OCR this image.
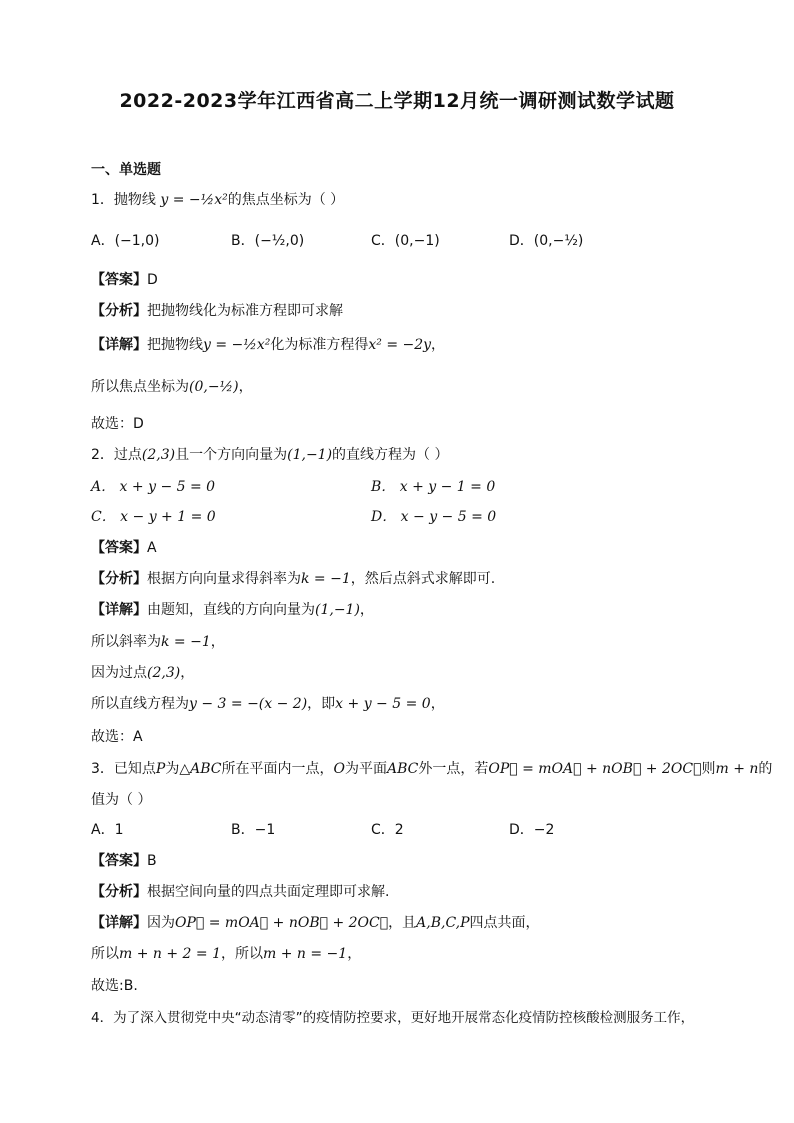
2022-2023学年江西省高二上学期12月统一调研测试数学试题
一、单选题
1．抛物线 y = −½x²的焦点坐标为（ ）
A．(−1,0)	B．(−½,0)	C．(0,−1)	D．(0,−½)
【答案】D
【分析】把抛物线化为标准方程即可求解
【详解】把抛物线y = −½x²化为标准方程得x² = −2y，
所以焦点坐标为(0,−½)，
故选：D
2．过点(2,3)且一个方向向量为(1,−1)的直线方程为（ ）
A． x + y − 5 = 0	B． x + y − 1 = 0
C． x − y + 1 = 0	D． x − y − 5 = 0
【答案】A
【分析】根据方向向量求得斜率为k = −1，然后点斜式求解即可.
【详解】由题知，直线的方向向量为(1,−1)，
所以斜率为k = −1，
因为过点(2,3)，
所以直线方程为y − 3 = −(x − 2)，即x + y − 5 = 0，
故选：A
3．已知点P为△ABC所在平面内一点，O为平面ABC外一点，若OP⃗ = mOA⃗ + nOB⃗ + 2OC⃗则m + n的
值为（ ）
A．1	B．−1	C．2	D．−2
【答案】B
【分析】根据空间向量的四点共面定理即可求解.
【详解】因为OP⃗ = mOA⃗ + nOB⃗ + 2OC⃗，且A,B,C,P四点共面，
所以m + n + 2 = 1，所以m + n = −1，
故选:B.
4．为了深入贯彻党中央“动态清零”的疫情防控要求，更好地开展常态化疫情防控核酸检测服务工作，
